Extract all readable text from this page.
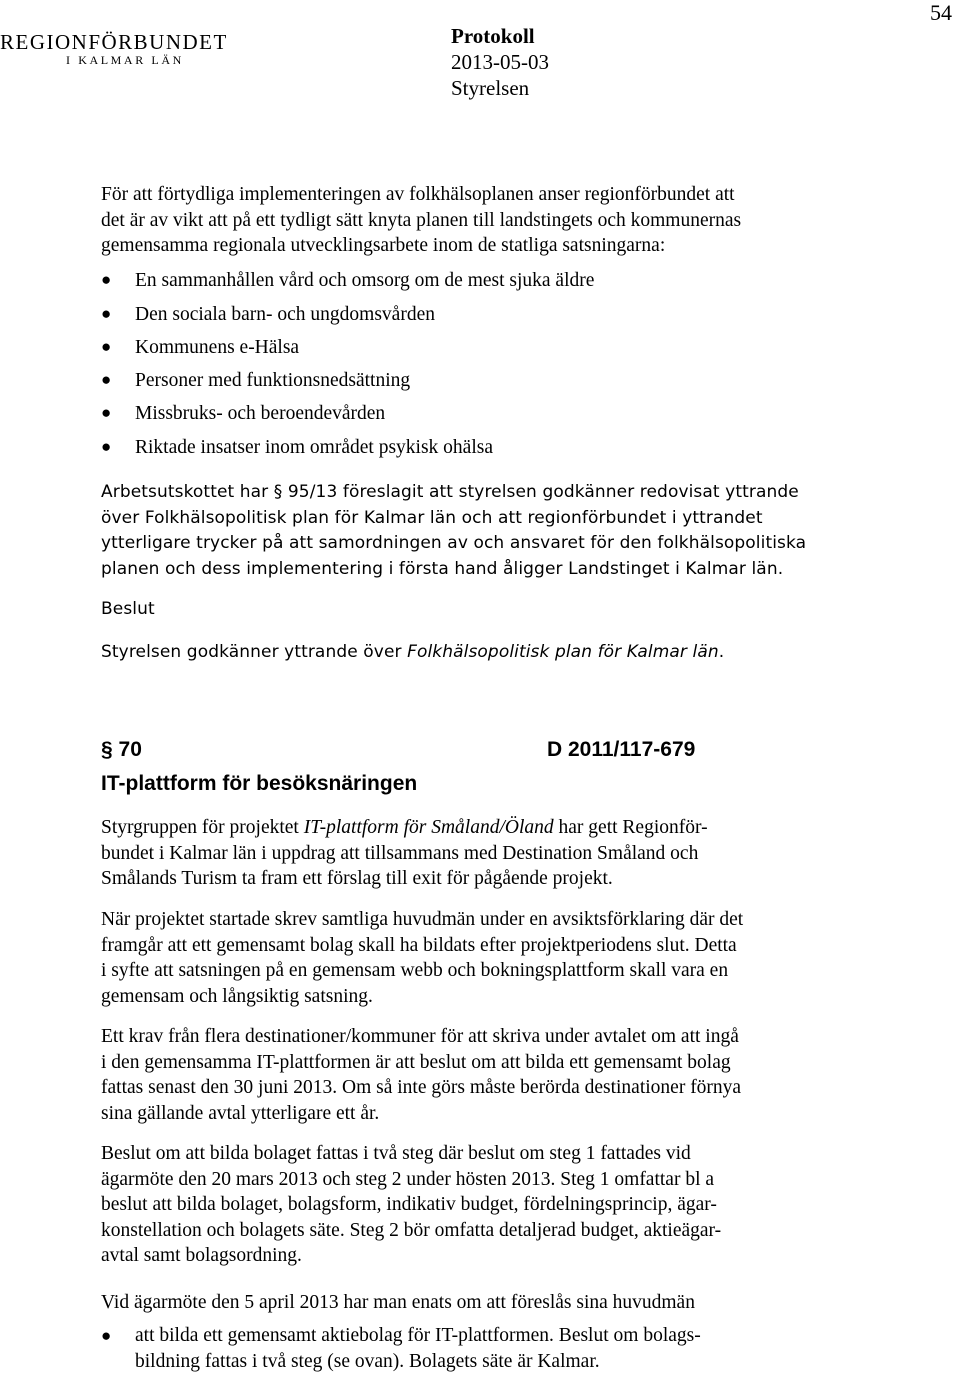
54
REGIONFÖRBUNDET
I KALMAR LÄN
Protokoll
2013-05-03
Styrelsen
För att förtydliga implementeringen av folkhälsoplanen anser regionförbundet att
det är av vikt att på ett tydligt sätt knyta planen till landstingets och kommunernas
gemensamma regionala utvecklingsarbete inom de statliga satsningarna:
● En sammanhållen vård och omsorg om de mest sjuka äldre
● Den sociala barn- och ungdomsvården
● Kommunens e-Hälsa
● Personer med funktionsnedsättning
● Missbruks- och beroendevården
● Riktade insatser inom området psykisk ohälsa
Arbetsutskottet har § 95/13 föreslagit att styrelsen godkänner redovisat yttrande
över Folkhälsopolitisk plan för Kalmar län och att regionförbundet i yttrandet
ytterligare trycker på att samordningen av och ansvaret för den folkhälsopolitiska
planen och dess implementering i första hand åligger Landstinget i Kalmar län.
Beslut
Styrelsen godkänner yttrande över Folkhälsopolitisk plan för Kalmar län.
§ 70	D 2011/117-679
IT-plattform för besöksnäringen
Styrgruppen för projektet IT-plattform för Småland/Öland har gett Regionför-
bundet i Kalmar län i uppdrag att tillsammans med Destination Småland och
Smålands Turism ta fram ett förslag till exit för pågående projekt.
När projektet startade skrev samtliga huvudmän under en avsiktsförklaring där det
framgår att ett gemensamt bolag skall ha bildats efter projektperiodens slut. Detta
i syfte att satsningen på en gemensam webb och bokningsplattform skall vara en
gemensam och långsiktig satsning.
Ett krav från flera destinationer/kommuner för att skriva under avtalet om att ingå
i den gemensamma IT-plattformen är att beslut om att bilda ett gemensamt bolag
fattas senast den 30 juni 2013. Om så inte görs måste berörda destinationer förnya
sina gällande avtal ytterligare ett år.
Beslut om att bilda bolaget fattas i två steg där beslut om steg 1 fattades vid
ägarmöte den 20 mars 2013 och steg 2 under hösten 2013. Steg 1 omfattar bl a
beslut att bilda bolaget, bolagsform, indikativ budget, fördelningsprincip, ägar-
konstellation och bolagets säte. Steg 2 bör omfatta detaljerad budget, aktieägar-
avtal samt bolagsordning.
Vid ägarmöte den 5 april 2013 har man enats om att föreslås sina huvudmän
● att bilda ett gemensamt aktiebolag för IT-plattformen. Beslut om bolags-
bildning fattas i två steg (se ovan). Bolagets säte är Kalmar.
